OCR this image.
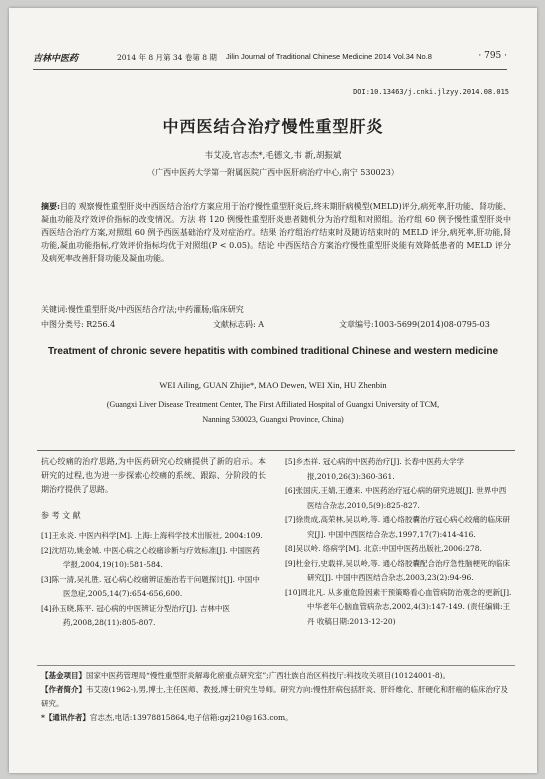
吉林中医药	2014 年 8 月第 34 卷第 8 期 Jilin Journal of Traditional Chinese Medicine 2014 Vol.34 No.8	· 795 ·
DOI:10.13463/j.cnki.jlzyy.2014.08.015
中西医结合治疗慢性重型肝炎
韦艾凌,官志杰*,毛德文,韦 新,胡振斌
（广西中医药大学第一附属医院广西中医肝病治疗中心,南宁 530023）
摘要:目的 观察慢性重型肝炎中西医结合治疗方案应用于治疗慢性重型肝炎后,终末期肝病模型(MELD)评分,病死率,肝功能、肾功能、凝血功能及疗效评价指标的改变情况。方法 将 120 例慢性重型肝炎患者随机分为治疗组和对照组。治疗组 60 例予慢性重型肝炎中西医结合治疗方案,对照组 60 例予西医基础治疗及对症治疗。结果 治疗组治疗结束时及随访结束时的 MELD 评分,病死率,肝功能,肾功能,凝血功能指标,疗效评价指标均优于对照组(P < 0.05)。结论 中西医结合方案治疗慢性重型肝炎能有效降低患者的 MELD 评分及病死率改善肝肾功能及凝血功能。
关键词:慢性重型肝炎/中西医结合疗法;中药灌肠;临床研究
中图分类号: R256.4	文献标志码: A	文章编号:1003-5699(2014)08-0795-03
Treatment of chronic severe hepatitis with combined traditional Chinese and western medicine
WEI Ailing, GUAN Zhijie*, MAO Dewen, WEI Xin, HU Zhenbin
(Guangxi Liver Disease Treatment Center, The First Affiliated Hospital of Guangxi University of TCM,
Nanning 530023, Guangxi Province, China)
抗心绞痛的治疗思路,为中医药研究心绞痛提供了新的启示。本研究的过程,也为进一步探索心绞痛的系统、跟踪、分阶段的长期治疗提供了思路。
参 考 文 献
[1]王永炎. 中医内科学[M]. 上海:上海科学技术出版社, 2004:109.
[2]沈绍功,姚金城. 中医心病之心绞痛诊断与疗效标准[J]. 中国医药学报,2004,19(10):581-584.
[3]陈一清,吴礼胜. 冠心病心绞痛辨证施治若干问题探讨[J]. 中国中医急症,2005,14(7):654-656,600.
[4]孙玉晓,陈平. 冠心病的中医辨证分型治疗[J]. 吉林中医药,2008,28(11):805-807.
[5]乡杰祥. 冠心病的中医药治疗[J]. 长春中医药大学学报,2010,26(3):360-361.
[6]张国庆,王婧,王遵来. 中医药治疗冠心病的研究进展[J]. 世界中西医结合杂志,2010,5(9):825-827.
[7]徐贵成,高荣林,吴以岭,等. 通心络胶囊治疗冠心病心绞痛的临床研究[J]. 中国中西医结合杂志,1997,17(7):414-416.
[8]吴以岭. 络病学[M]. 北京:中国中医药出版社,2006:278.
[9]杜金行,史载祥,吴以岭,等. 通心络胶囊配合治疗急性脑梗死的临床研究[J]. 中国中西医结合杂志,2003,23(2):94-96.
[10]周北凡. 从多重危险因素干预策略看心血管病防治观念的更新[J]. 中华老年心脑血管病杂志,2002,4(3):147-149. (责任编辑:王 丹 收稿日期:2013-12-20)
【基金项目】国家中医药管理局“慢性重型肝炎解毒化瘀重点研究室”;广西壮族自治区科技厅:科技攻关项目(10124001-8)。
【作者简介】韦艾凌(1962-),男,博士,主任医师、教授,博士研究生导师。研究方向:慢性肝病包括肝炎、肝纤维化、肝硬化和肝癌的临床治疗及研究。
*【通讯作者】官志杰,电话:13978815864,电子信箱:gzj210@163.com。
